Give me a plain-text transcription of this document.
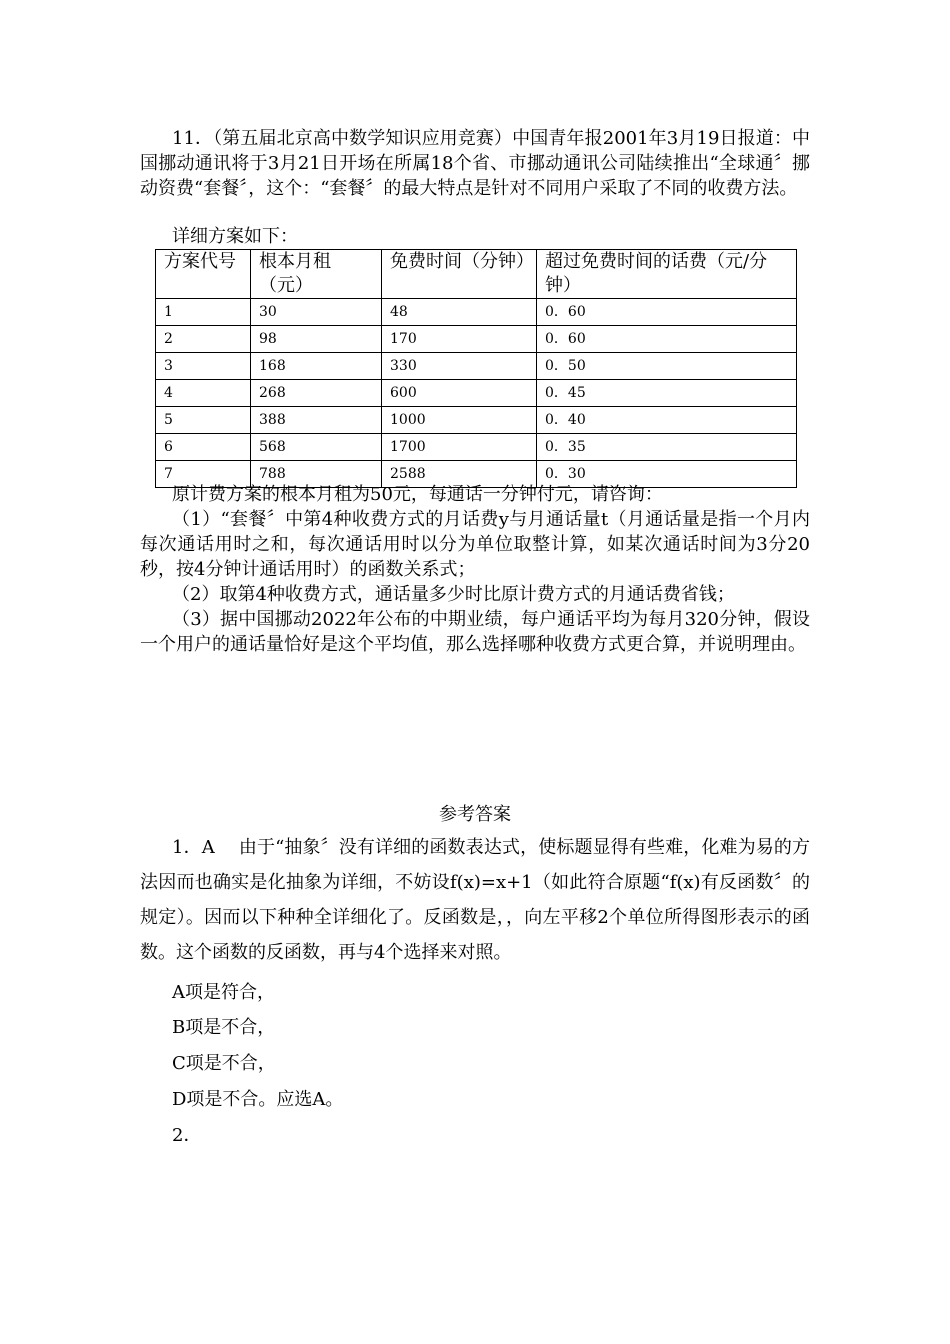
11．（第五届北京高中数学知识应用竞赛）中国青年报2001年3月19日报道：中国挪动通讯将于3月21日开场在所属18个省、市挪动通讯公司陆续推出“全球通〞挪动资费“套餐〞，这个：“套餐〞的最大特点是针对不同用户采取了不同的收费方法。

详细方案如下：

方案代号	根本月租（元）	免费时间（分钟）	超过免费时间的话费（元/分钟）
1	30	48	0．60
2	98	170	0．60
3	168	330	0．50
4	268	600	0．45
5	388	1000	0．40
6	568	1700	0．35
7	788	2588	0．30

原计费方案的根本月租为50元，每通话一分钟付元，请咨询：

（1）“套餐〞中第4种收费方式的月话费y与月通话量t（月通话量是指一个月内每次通话用时之和，每次通话用时以分为单位取整计算，如某次通话时间为3分20秒，按4分钟计通话用时）的函数关系式；

（2）取第4种收费方式，通话量多少时比原计费方式的月通话费省钱；

（3）据中国挪动2022年公布的中期业绩，每户通话平均为每月320分钟，假设一个用户的通话量恰好是这个平均值，那么选择哪种收费方式更合算，并说明理由。

参考答案

1．A　 由于“抽象〞没有详细的函数表达式，使标题显得有些难，化难为易的方法因而也确实是化抽象为详细，不妨设f(x)=x+1（如此符合原题“f(x)有反函数〞的规定）。因而以下种种全详细化了。反函数是，，向左平移2个单位所得图形表示的函数。这个函数的反函数，再与4个选择来对照。

A项是符合，

B项是不合，

C项是不合，

D项是不合。应选A。

2．
